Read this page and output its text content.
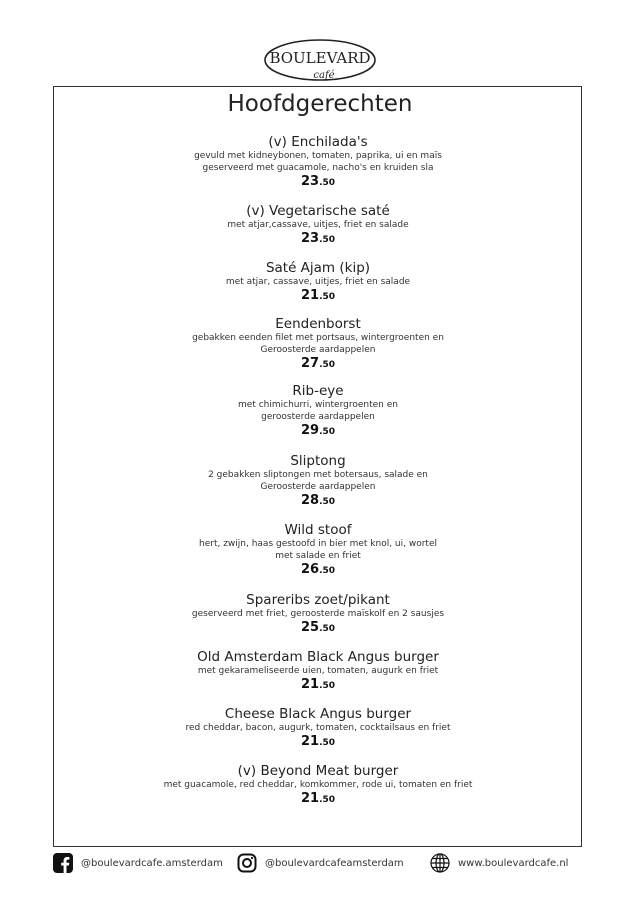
BOULEVARD
café
Hoofdgerechten
(v) Enchilada's
gevuld met kidneybonen, tomaten, paprika, ui en maïs
geserveerd met guacamole, nacho's en kruiden sla
23.50
(v) Vegetarische saté
met atjar,cassave, uitjes, friet en salade
23.50
Saté Ajam (kip)
met atjar, cassave, uitjes, friet en salade
21.50
Eendenborst
gebakken eenden filet met portsaus, wintergroenten en
Geroosterde aardappelen
27.50
Rib-eye
met chimichurri, wintergroenten en
geroosterde aardappelen
29.50
Sliptong
2 gebakken sliptongen met botersaus, salade en
Geroosterde aardappelen
28.50
Wild stoof
hert, zwijn, haas gestoofd in bier met knol, ui, wortel
met salade en friet
26.50
Spareribs zoet/pikant
geserveerd met friet, geroosterde maïskolf en 2 sausjes
25.50
Old Amsterdam Black Angus burger
met gekarameliseerde uien, tomaten, augurk en friet
21.50
Cheese Black Angus burger
red cheddar, bacon, augurk, tomaten, cocktailsaus en friet
21.50
(v) Beyond Meat burger
met guacamole, red cheddar, komkommer, rode ui, tomaten en friet
21.50
@boulevardcafe.amsterdam	@boulevardcafeamsterdam	www.boulevardcafe.nl
